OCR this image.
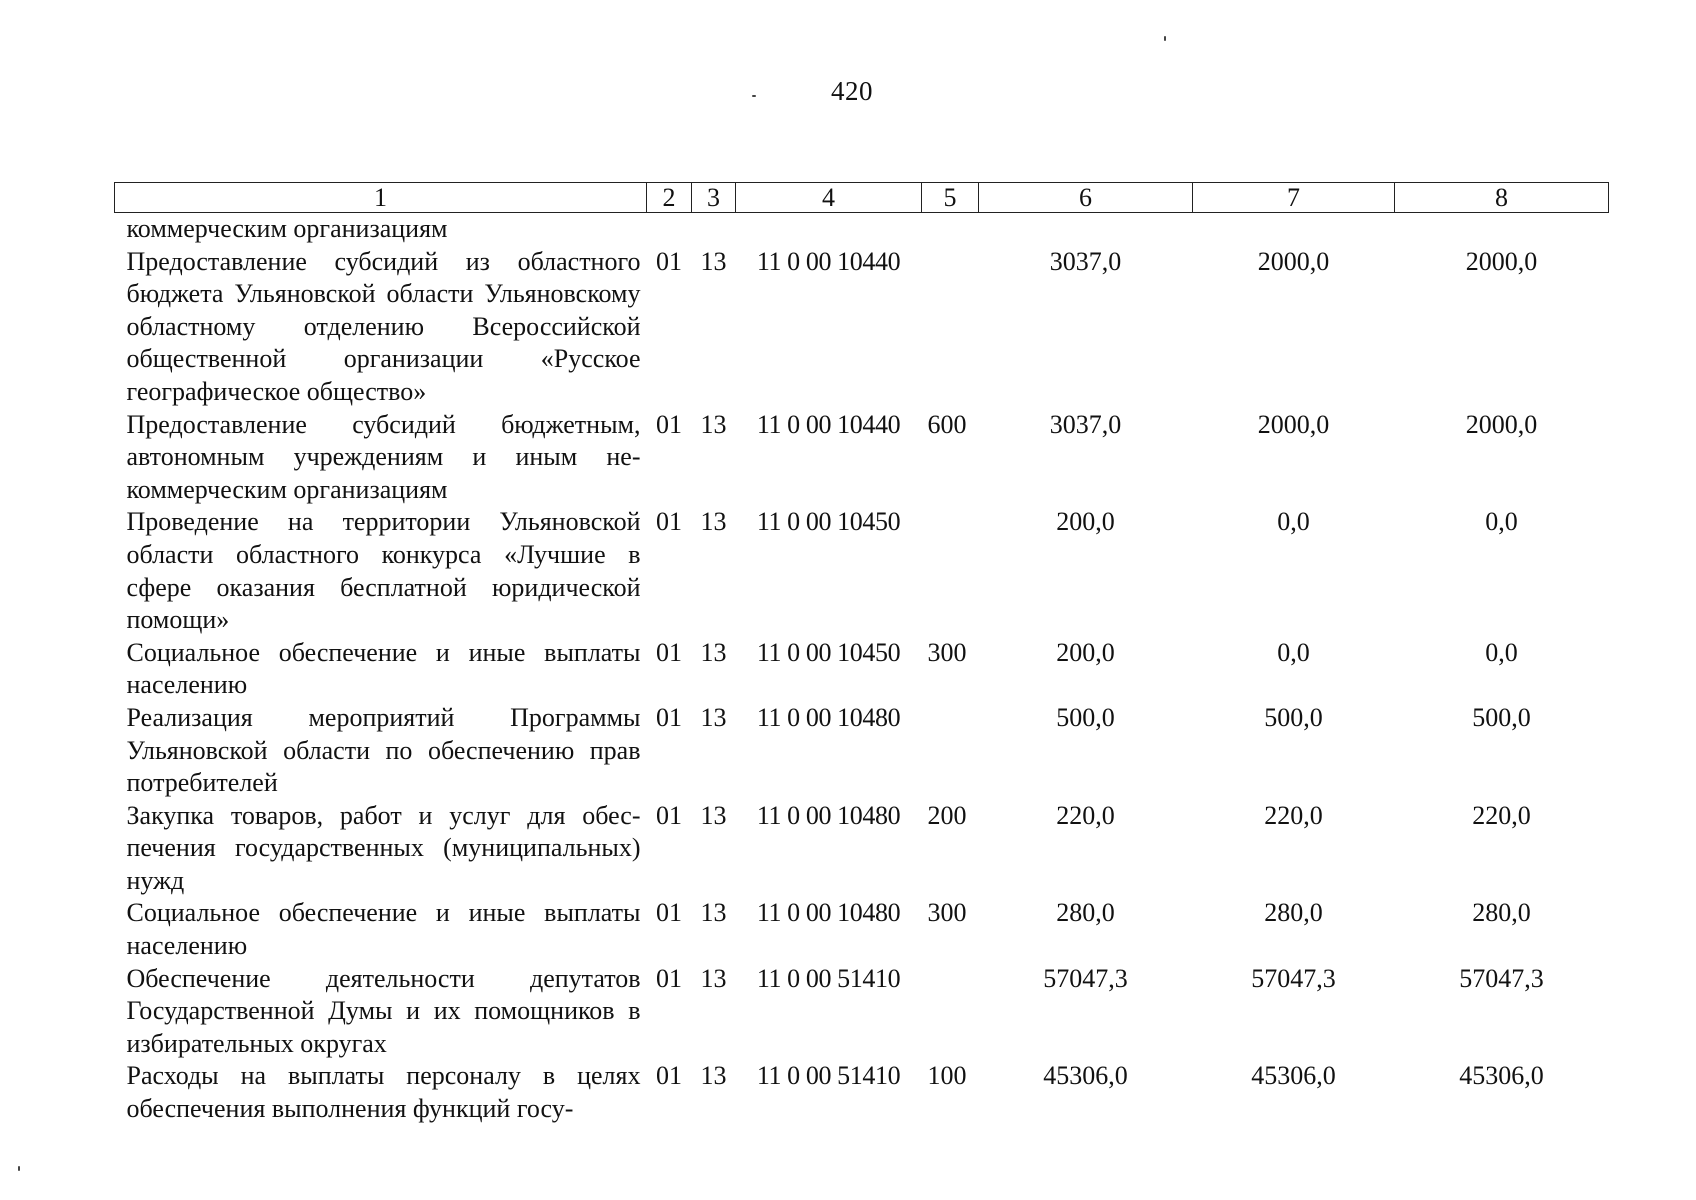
420
1	2	3	4	5	6	7	8
коммерческим организациям							
Предоставление субсидий из областного бюджета Ульяновской области Ульяновскому областному отделению Всероссийской общественной организации «Русское географическое общество»	01	13	11 0 00 10440		3037,0	2000,0	2000,0
Предоставление субсидий бюджетным, автономным учреждениям и иным некоммерческим организациям	01	13	11 0 00 10440	600	3037,0	2000,0	2000,0
Проведение на территории Ульяновской области областного конкурса «Лучшие в сфере оказания бесплатной юридической помощи»	01	13	11 0 00 10450		200,0	0,0	0,0
Социальное обеспечение и иные выплаты населению	01	13	11 0 00 10450	300	200,0	0,0	0,0
Реализация мероприятий Программы Ульяновской области по обеспечению прав потребителей	01	13	11 0 00 10480		500,0	500,0	500,0
Закупка товаров, работ и услуг для обеспечения государственных (муниципальных) нужд	01	13	11 0 00 10480	200	220,0	220,0	220,0
Социальное обеспечение и иные выплаты населению	01	13	11 0 00 10480	300	280,0	280,0	280,0
Обеспечение деятельности депутатов Государственной Думы и их помощников в избирательных округах	01	13	11 0 00 51410		57047,3	57047,3	57047,3
Расходы на выплаты персоналу в целях обеспечения выполнения функций госу-	01	13	11 0 00 51410	100	45306,0	45306,0	45306,0
